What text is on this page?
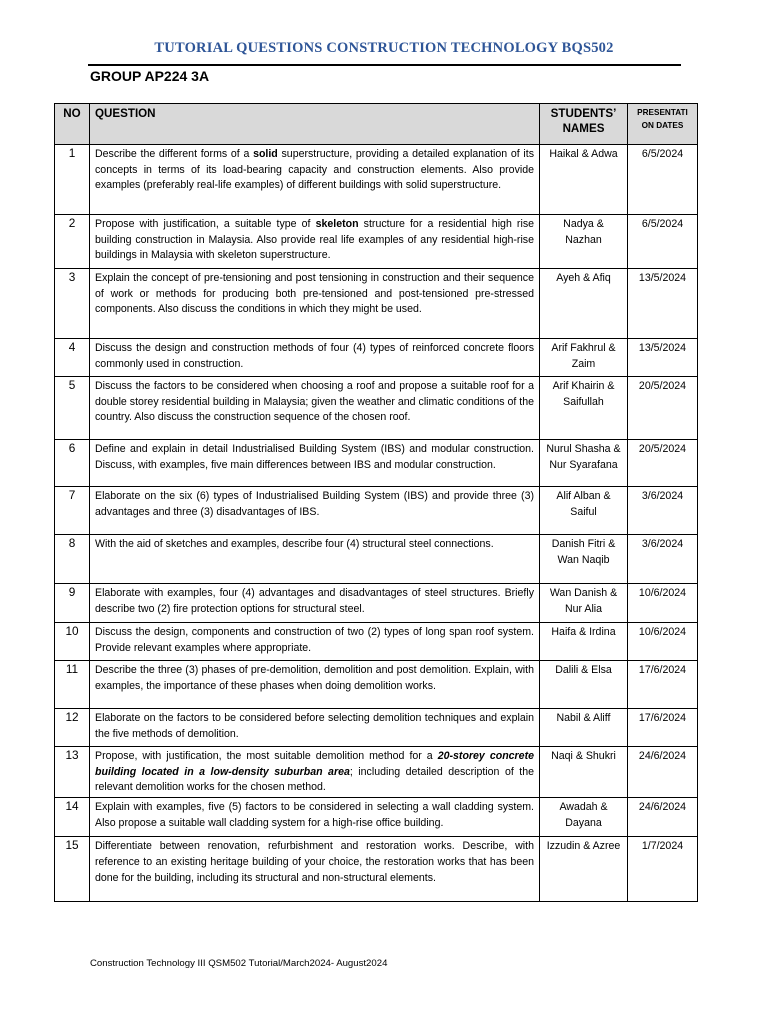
TUTORIAL QUESTIONS CONSTRUCTION TECHNOLOGY BQS502
GROUP AP224 3A
NO	QUESTION	STUDENTS’ NAMES	PRESENTATI ON DATES
1	Describe the different forms of a solid superstructure, providing a detailed explanation of its concepts in terms of its load-bearing capacity and construction elements. Also provide examples (preferably real-life examples) of different buildings with solid superstructure.	Haikal & Adwa	6/5/2024
2	Propose with justification, a suitable type of skeleton structure for a residential high rise building construction in Malaysia. Also provide real life examples of any residential high-rise buildings in Malaysia with skeleton superstructure.	Nadya & Nazhan	6/5/2024
3	Explain the concept of pre-tensioning and post tensioning in construction and their sequence of work or methods for producing both pre-tensioned and post-tensioned pre-stressed components. Also discuss the conditions in which they might be used.	Ayeh & Afiq	13/5/2024
4	Discuss the design and construction methods of four (4) types of reinforced concrete floors commonly used in construction.	Arif Fakhrul & Zaim	13/5/2024
5	Discuss the factors to be considered when choosing a roof and propose a suitable roof for a double storey residential building in Malaysia; given the weather and climatic conditions of the country. Also discuss the construction sequence of the chosen roof.	Arif Khairin & Saifullah	20/5/2024
6	Define and explain in detail Industrialised Building System (IBS) and modular construction. Discuss, with examples, five main differences between IBS and modular construction.	Nurul Shasha & Nur Syarafana	20/5/2024
7	Elaborate on the six (6) types of Industrialised Building System (IBS) and provide three (3) advantages and three (3) disadvantages of IBS.	Alif Alban & Saiful	3/6/2024
8	With the aid of sketches and examples, describe four (4) structural steel connections.	Danish Fitri & Wan Naqib	3/6/2024
9	Elaborate with examples, four (4) advantages and disadvantages of steel structures. Briefly describe two (2) fire protection options for structural steel.	Wan Danish & Nur Alia	10/6/2024
10	Discuss the design, components and construction of two (2) types of long span roof system. Provide relevant examples where appropriate.	Haifa & Irdina	10/6/2024
11	Describe the three (3) phases of pre-demolition, demolition and post demolition. Explain, with examples, the importance of these phases when doing demolition works.	Dalili & Elsa	17/6/2024
12	Elaborate on the factors to be considered before selecting demolition techniques and explain the five methods of demolition.	Nabil & Aliff	17/6/2024
13	Propose, with justification, the most suitable demolition method for a 20-storey concrete building located in a low-density suburban area; including detailed description of the relevant demolition works for the chosen method.	Naqi & Shukri	24/6/2024
14	Explain with examples, five (5) factors to be considered in selecting a wall cladding system. Also propose a suitable wall cladding system for a high-rise office building.	Awadah & Dayana	24/6/2024
15	Differentiate between renovation, refurbishment and restoration works. Describe, with reference to an existing heritage building of your choice, the restoration works that has been done for the building, including its structural and non-structural elements.	Izzudin & Azree	1/7/2024
Construction Technology III QSM502 Tutorial/March2024- August2024
